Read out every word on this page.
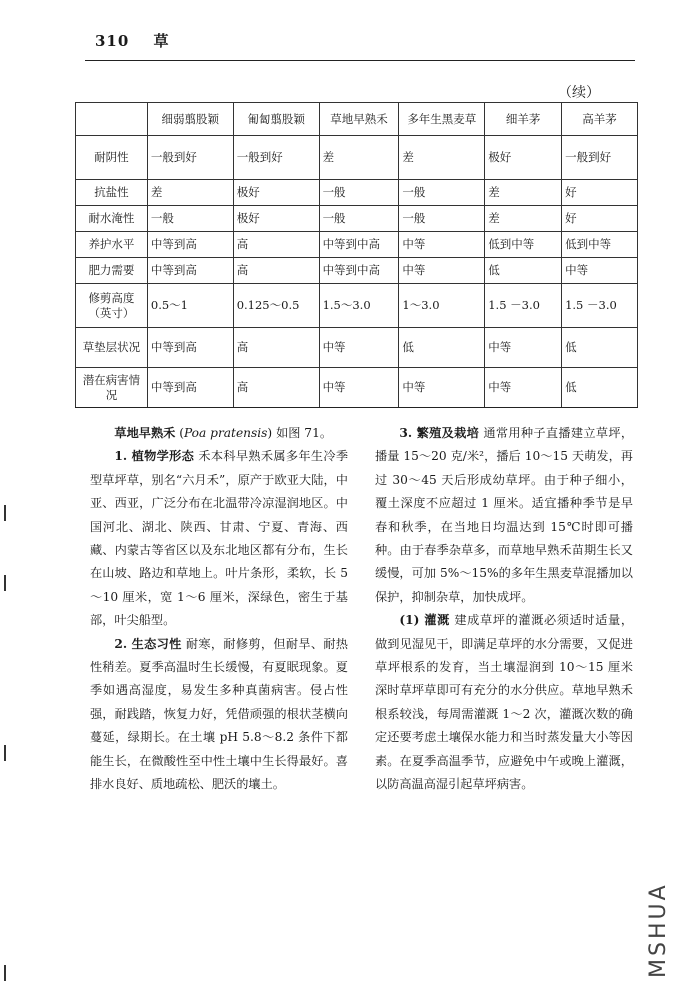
310 草
（续）
	细弱翦股颖	匍匐翦股颖	草地早熟禾	多年生黑麦草	细羊茅	高羊茅
耐阴性	一般到好	一般到好	差	差	极好	一般到好
抗盐性	差	极好	一般	一般	差	好
耐水淹性	一般	极好	一般	一般	差	好
养护水平	中等到高	高	中等到中高	中等	低到中等	低到中等
肥力需要	中等到高	高	中等到中高	中等	低	中等
修剪高度（英寸）	0.5～1	0.125～0.5	1.5～3.0	1～3.0	1.5 －3.0	1.5 －3.0
草垫层状况	中等到高	高	中等	低	中等	低
潜在病害情况	中等到高	高	中等	中等	中等	低

草地早熟禾 (Poa pratensis) 如图 71。

1. 植物学形态 禾本科早熟禾属多年生冷季型草坪草，别名“六月禾”，原产于欧亚大陆，中亚、西亚，广泛分布在北温带冷凉湿润地区。中国河北、湖北、陕西、甘肃、宁夏、青海、西藏、内蒙古等省区以及东北地区都有分布，生长在山坡、路边和草地上。叶片条形，柔软，长 5～10 厘米，宽 1～6 厘米，深绿色，密生于基部，叶尖船型。

2. 生态习性 耐寒，耐修剪，但耐旱、耐热性稍差。夏季高温时生长缓慢，有夏眠现象。夏季如遇高湿度，易发生多种真菌病害。侵占性强，耐践踏，恢复力好，凭借顽强的根状茎横向蔓延，绿期长。在土壤 pH 5.8～8.2 条件下都能生长，在微酸性至中性土壤中生长得最好。喜排水良好、质地疏松、肥沃的壤土。

3. 繁殖及栽培 通常用种子直播建立草坪，播量 15～20 克/米²，播后 10～15 天萌发，再过 30～45 天后形成幼草坪。由于种子细小，覆土深度不应超过 1 厘米。适宜播种季节是早春和秋季，在当地日均温达到 15℃时即可播种。由于春季杂草多，而草地早熟禾苗期生长又缓慢，可加 5%～15%的多年生黑麦草混播加以保护，抑制杂草，加快成坪。

(1) 灌溉 建成草坪的灌溉必须适时适量，做到见湿见干，即满足草坪的水分需要，又促进草坪根系的发育，当土壤湿润到 10～15 厘米深时草坪草即可有充分的水分供应。草地早熟禾根系较浅，每周需灌溉 1～2 次，灌溉次数的确定还要考虑土壤保水能力和当时蒸发量大小等因素。在夏季高温季节，应避免中午或晚上灌溉，以防高温高湿引起草坪病害。

MSHUA
